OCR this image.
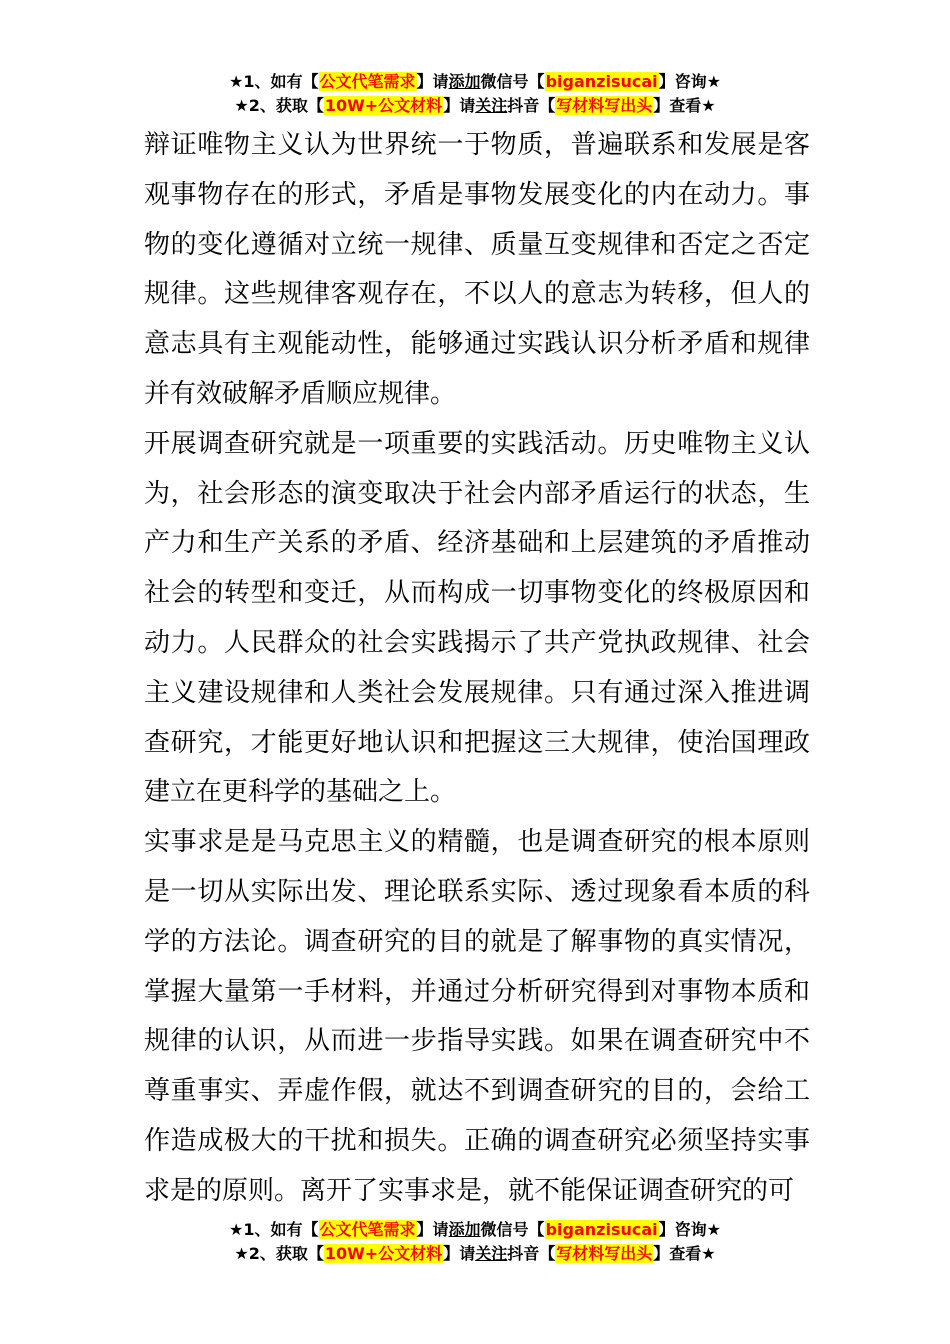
★1、如有【公文代笔需求】请添加微信号【biganzisucai】咨询★
★2、获取【10W+公文材料】请关注抖音【写材料写出头】查看★

辩证唯物主义认为世界统一于物质，普遍联系和发展是客观事物存在的形式，矛盾是事物发展变化的内在动力。事物的变化遵循对立统一规律、质量互变规律和否定之否定规律。这些规律客观存在，不以人的意志为转移，但人的意志具有主观能动性，能够通过实践认识分析矛盾和规律并有效破解矛盾顺应规律。

开展调查研究就是一项重要的实践活动。历史唯物主义认为，社会形态的演变取决于社会内部矛盾运行的状态，生产力和生产关系的矛盾、经济基础和上层建筑的矛盾推动社会的转型和变迁，从而构成一切事物变化的终极原因和动力。人民群众的社会实践揭示了共产党执政规律、社会主义建设规律和人类社会发展规律。只有通过深入推进调查研究，才能更好地认识和把握这三大规律，使治国理政建立在更科学的基础之上。

实事求是是马克思主义的精髓，也是调查研究的根本原则是一切从实际出发、理论联系实际、透过现象看本质的科学的方法论。调查研究的目的就是了解事物的真实情况，掌握大量第一手材料，并通过分析研究得到对事物本质和规律的认识，从而进一步指导实践。如果在调查研究中不尊重事实、弄虚作假，就达不到调查研究的目的，会给工作造成极大的干扰和损失。正确的调查研究必须坚持实事求是的原则。离开了实事求是，就不能保证调查研究的可

★1、如有【公文代笔需求】请添加微信号【biganzisucai】咨询★
★2、获取【10W+公文材料】请关注抖音【写材料写出头】查看★
